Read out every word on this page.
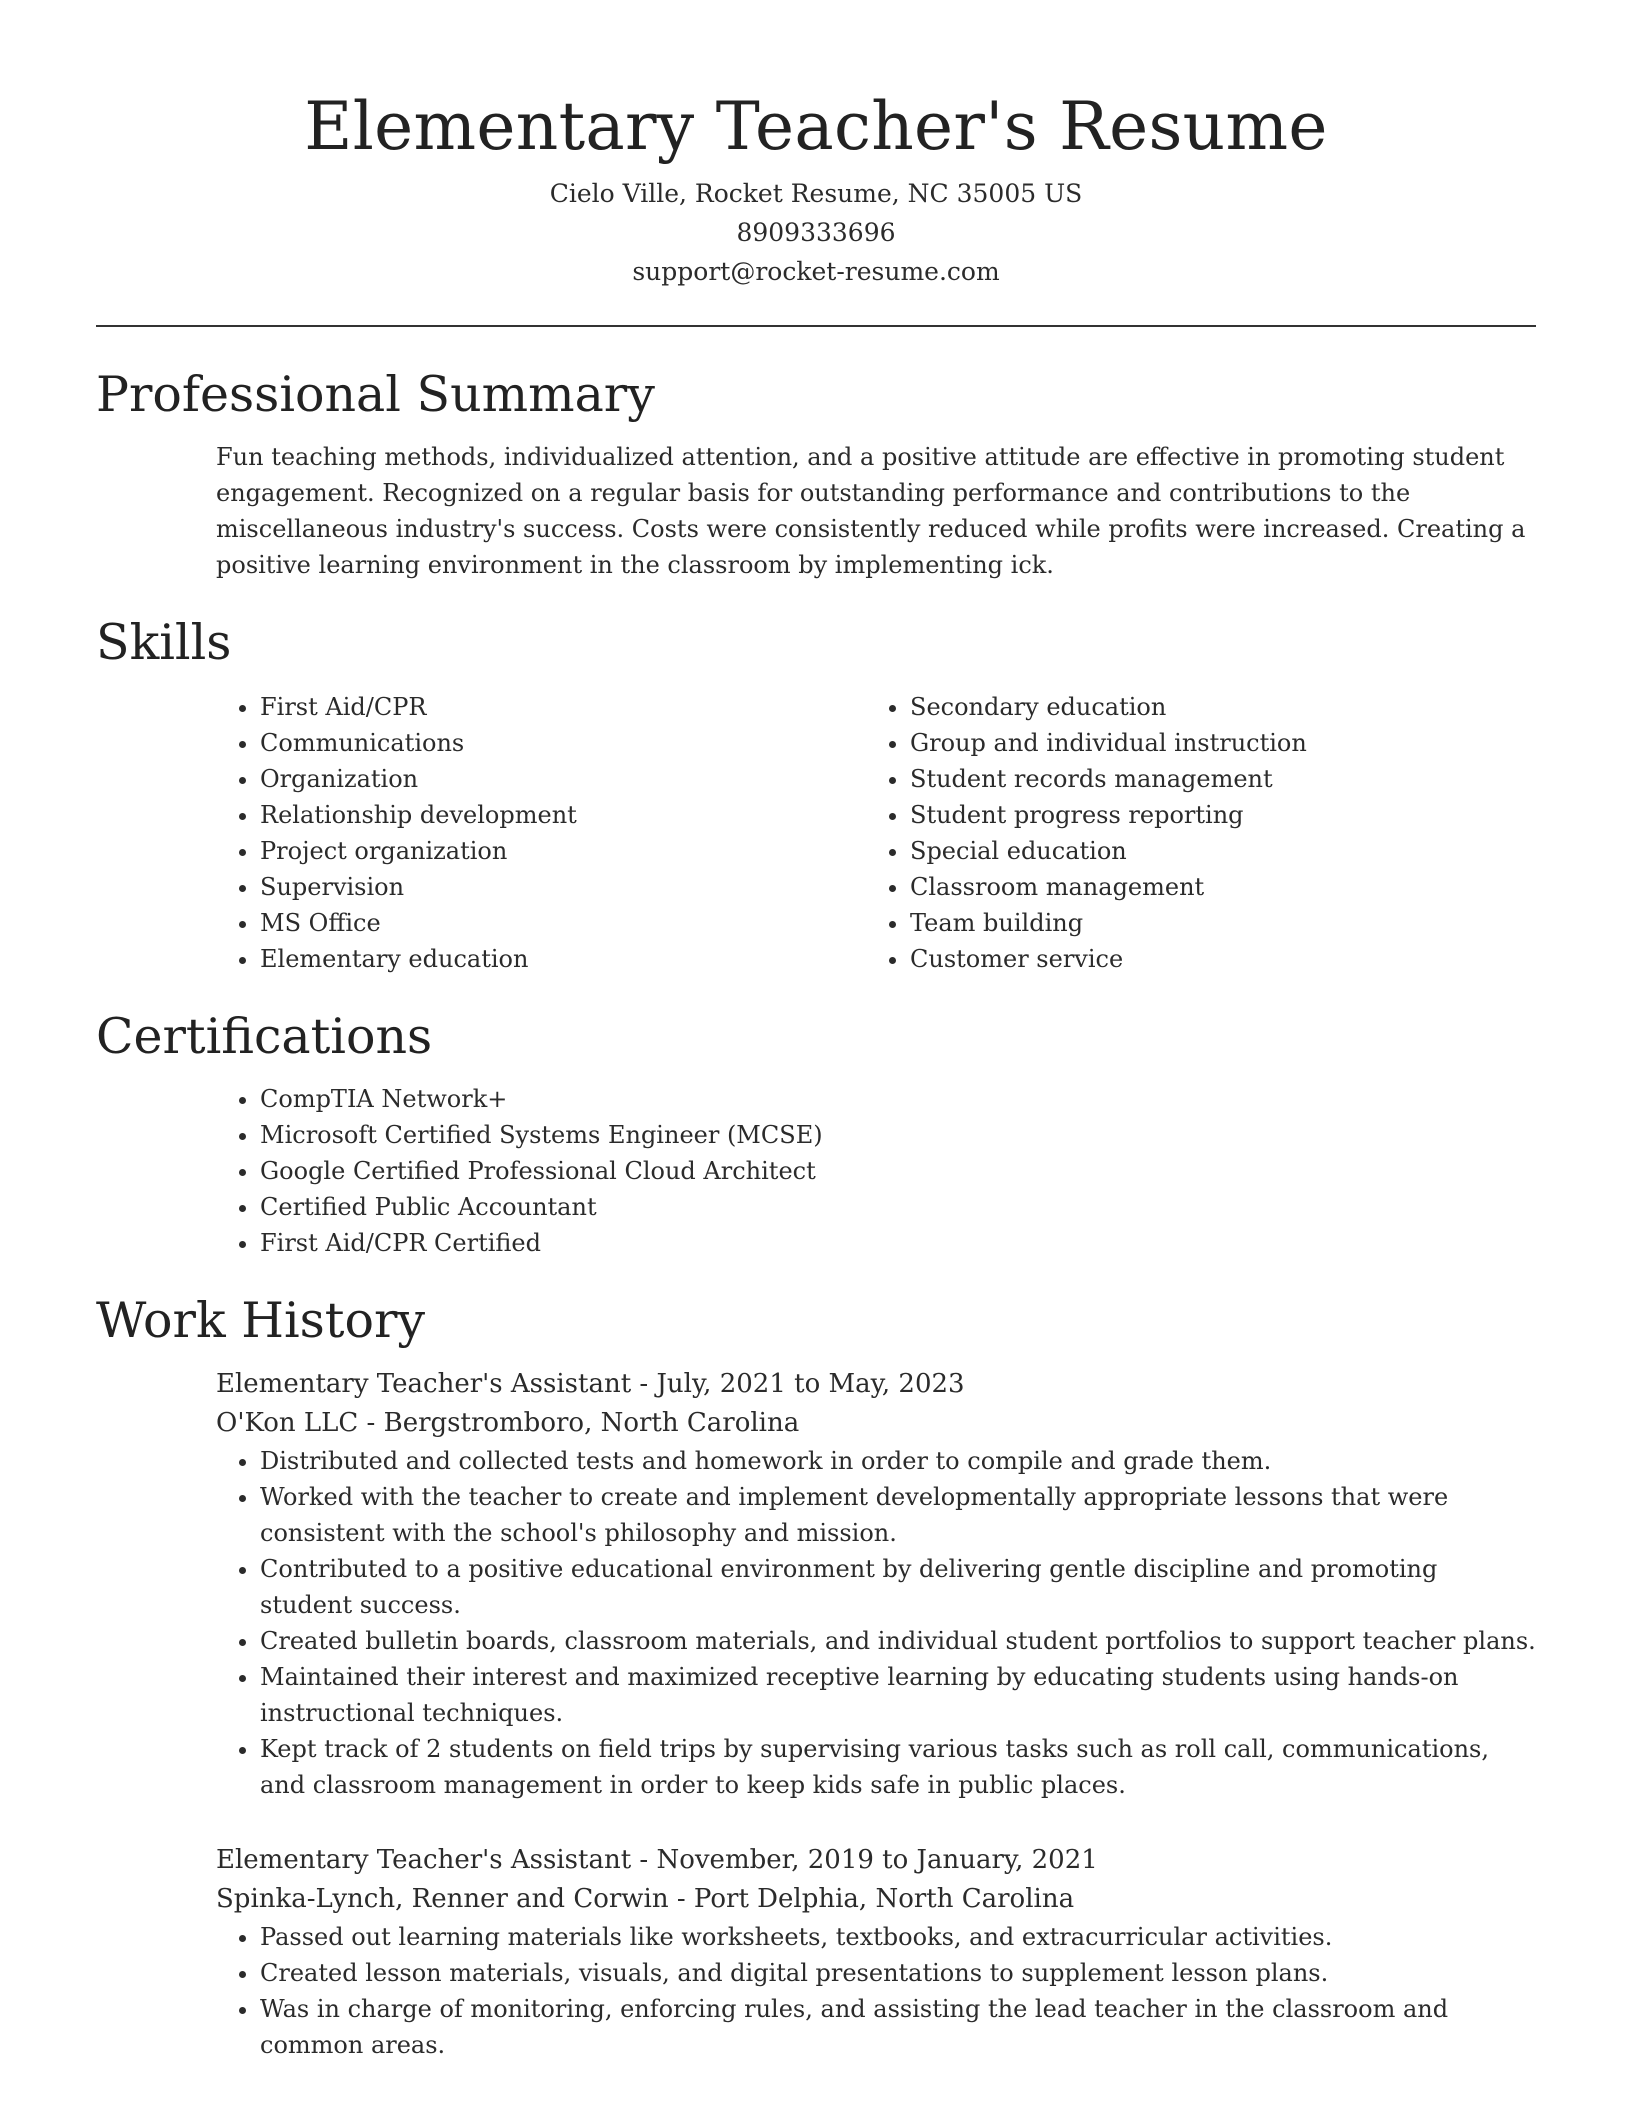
Elementary Teacher's Resume
Cielo Ville, Rocket Resume, NC 35005 US
8909333696
support@rocket-resume.com
Professional Summary

Fun teaching methods, individualized attention, and a positive attitude are effective in promoting student engagement. Recognized on a regular basis for outstanding performance and contributions to the miscellaneous industry's success. Costs were consistently reduced while profits were increased. Creating a positive learning environment in the classroom by implementing ick.

Skills
• First Aid/CPR
• Communications
• Organization
• Relationship development
• Project organization
• Supervision
• MS Office
• Elementary education
• Secondary education
• Group and individual instruction
• Student records management
• Student progress reporting
• Special education
• Classroom management
• Team building
• Customer service
Certifications
• CompTIA Network+
• Microsoft Certified Systems Engineer (MCSE)
• Google Certified Professional Cloud Architect
• Certified Public Accountant
• First Aid/CPR Certified
Work History
Elementary Teacher's Assistant - July, 2021 to May, 2023
O'Kon LLC - Bergstromboro, North Carolina
• Distributed and collected tests and homework in order to compile and grade them.
• Worked with the teacher to create and implement developmentally appropriate lessons that were consistent with the school's philosophy and mission.
• Contributed to a positive educational environment by delivering gentle discipline and promoting student success.
• Created bulletin boards, classroom materials, and individual student portfolios to support teacher plans.
• Maintained their interest and maximized receptive learning by educating students using hands-on instructional techniques.
• Kept track of 2 students on field trips by supervising various tasks such as roll call, communications, and classroom management in order to keep kids safe in public places.
Elementary Teacher's Assistant - November, 2019 to January, 2021
Spinka-Lynch, Renner and Corwin - Port Delphia, North Carolina
• Passed out learning materials like worksheets, textbooks, and extracurricular activities.
• Created lesson materials, visuals, and digital presentations to supplement lesson plans.
• Was in charge of monitoring, enforcing rules, and assisting the lead teacher in the classroom and common areas.
